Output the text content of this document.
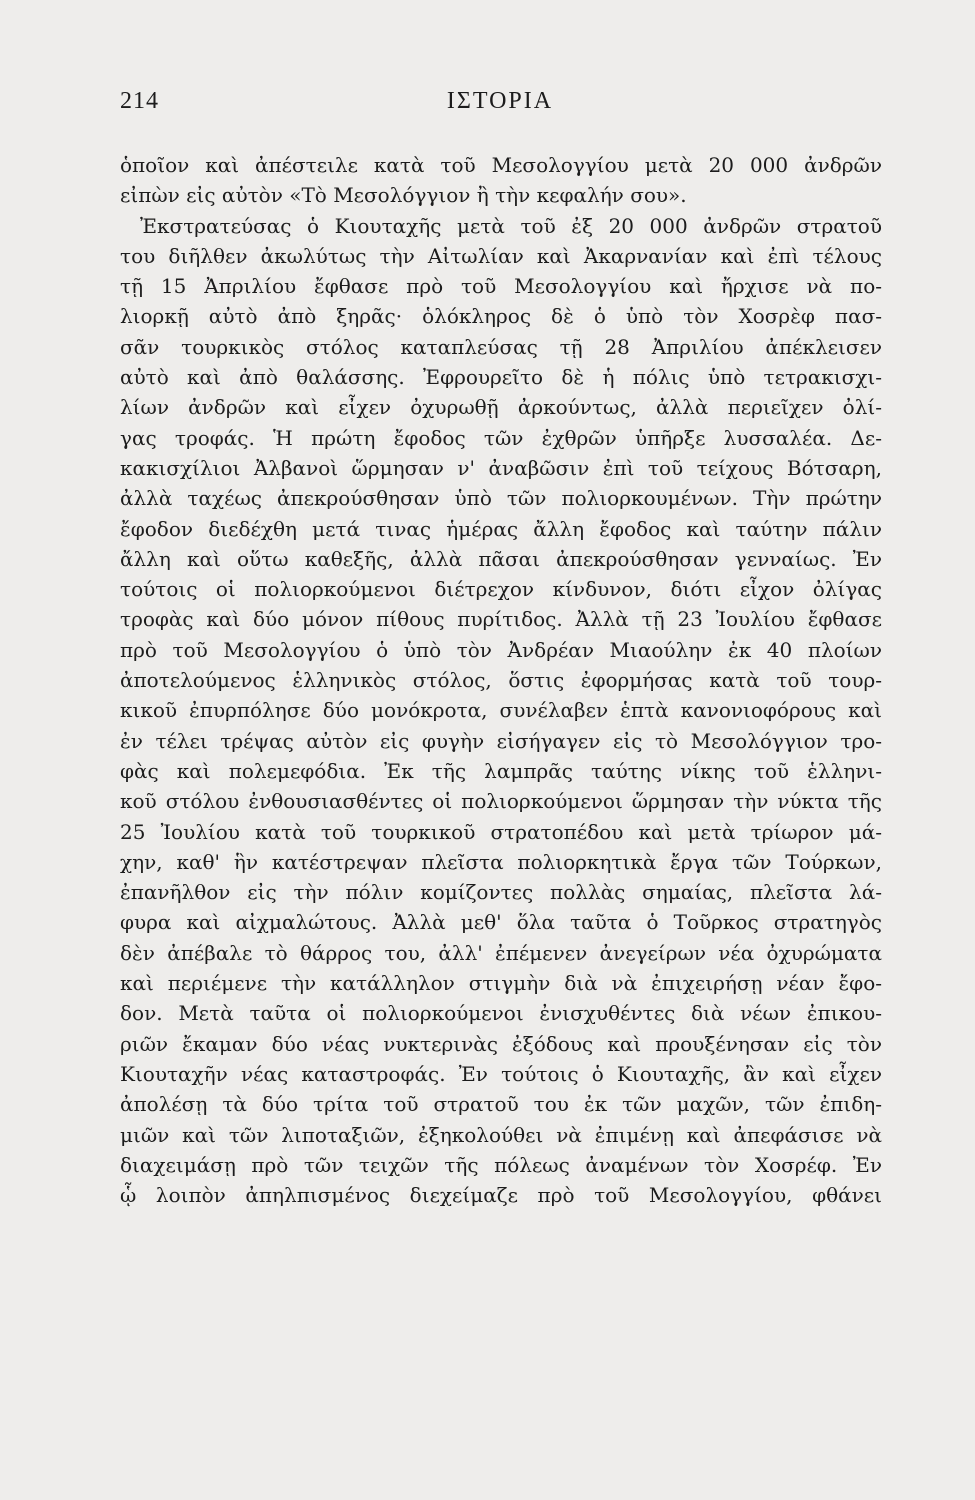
214	ΙΣΤΟΡΙΑ
ὁποῖον καὶ ἀπέστειλε κατὰ τοῦ Μεσολογγίου μετὰ 20 000 ἀνδρῶν
εἰπὼν εἰς αὐτὸν «Τὸ Μεσολόγγιον ἢ τὴν κεφαλήν σου».
Ἐκστρατεύσας ὁ Κιουταχῆς μετὰ τοῦ ἐξ 20 000 ἀνδρῶν στρατοῦ
του διῆλθεν ἀκωλύτως τὴν Αἰτωλίαν καὶ Ἀκαρνανίαν καὶ ἐπὶ τέλους
τῇ 15 Ἀπριλίου ἔφθασε πρὸ τοῦ Μεσολογγίου καὶ ἤρχισε νὰ πο-
λιορκῇ αὐτὸ ἀπὸ ξηρᾶς· ὁλόκληρος δὲ ὁ ὑπὸ τὸν Χοσρὲφ πασ-
σᾶν τουρκικὸς στόλος καταπλεύσας τῇ 28 Ἀπριλίου ἀπέκλεισεν
αὐτὸ καὶ ἀπὸ θαλάσσης. Ἐφρουρεῖτο δὲ ἡ πόλις ὑπὸ τετρακισχι-
λίων ἀνδρῶν καὶ εἶχεν ὀχυρωθῇ ἀρκούντως, ἀλλὰ περιεῖχεν ὀλί-
γας τροφάς. Ἡ πρώτη ἔφοδος τῶν ἐχθρῶν ὑπῆρξε λυσσαλέα. Δε-
κακισχίλιοι Ἀλβανοὶ ὥρμησαν ν' ἀναβῶσιν ἐπὶ τοῦ τείχους Βότσαρη,
ἀλλὰ ταχέως ἀπεκρούσθησαν ὑπὸ τῶν πολιορκουμένων. Τὴν πρώτην
ἔφοδον διεδέχθη μετά τινας ἡμέρας ἄλλη ἔφοδος καὶ ταύτην πάλιν
ἄλλη καὶ οὕτω καθεξῆς, ἀλλὰ πᾶσαι ἀπεκρούσθησαν γενναίως. Ἐν
τούτοις οἱ πολιορκούμενοι διέτρεχον κίνδυνον, διότι εἶχον ὀλίγας
τροφὰς καὶ δύο μόνον πίθους πυρίτιδος. Ἀλλὰ τῇ 23 Ἰουλίου ἔφθασε
πρὸ τοῦ Μεσολογγίου ὁ ὑπὸ τὸν Ἀνδρέαν Μιαούλην ἐκ 40 πλοίων
ἀποτελούμενος ἑλληνικὸς στόλος, ὅστις ἐφορμήσας κατὰ τοῦ τουρ-
κικοῦ ἐπυρπόλησε δύο μονόκροτα, συνέλαβεν ἑπτὰ κανονιοφόρους καὶ
ἐν τέλει τρέψας αὐτὸν εἰς φυγὴν εἰσήγαγεν εἰς τὸ Μεσολόγγιον τρο-
φὰς καὶ πολεμεφόδια. Ἐκ τῆς λαμπρᾶς ταύτης νίκης τοῦ ἑλληνι-
κοῦ στόλου ἐνθουσιασθέντες οἱ πολιορκούμενοι ὥρμησαν τὴν νύκτα τῆς
25 Ἰουλίου κατὰ τοῦ τουρκικοῦ στρατοπέδου καὶ μετὰ τρίωρον μά-
χην, καθ' ἣν κατέστρεψαν πλεῖστα πολιορκητικὰ ἔργα τῶν Τούρκων,
ἐπανῆλθον εἰς τὴν πόλιν κομίζοντες πολλὰς σημαίας, πλεῖστα λά-
φυρα καὶ αἰχμαλώτους. Ἀλλὰ μεθ' ὅλα ταῦτα ὁ Τοῦρκος στρατηγὸς
δὲν ἀπέβαλε τὸ θάρρος του, ἀλλ' ἐπέμενεν ἀνεγείρων νέα ὀχυρώματα
καὶ περιέμενε τὴν κατάλληλον στιγμὴν διὰ νὰ ἐπιχειρήσῃ νέαν ἔφο-
δον. Μετὰ ταῦτα οἱ πολιορκούμενοι ἐνισχυθέντες διὰ νέων ἐπικου-
ριῶν ἔκαμαν δύο νέας νυκτερινὰς ἐξόδους καὶ προυξένησαν εἰς τὸν
Κιουταχῆν νέας καταστροφάς. Ἐν τούτοις ὁ Κιουταχῆς, ἂν καὶ εἶχεν
ἀπολέσῃ τὰ δύο τρίτα τοῦ στρατοῦ του ἐκ τῶν μαχῶν, τῶν ἐπιδη-
μιῶν καὶ τῶν λιποταξιῶν, ἐξηκολούθει νὰ ἐπιμένῃ καὶ ἀπεφάσισε νὰ
διαχειμάσῃ πρὸ τῶν τειχῶν τῆς πόλεως ἀναμένων τὸν Χοσρέφ. Ἐν
ᾧ λοιπὸν ἀπηλπισμένος διεχείμαζε πρὸ τοῦ Μεσολογγίου, φθάνει
